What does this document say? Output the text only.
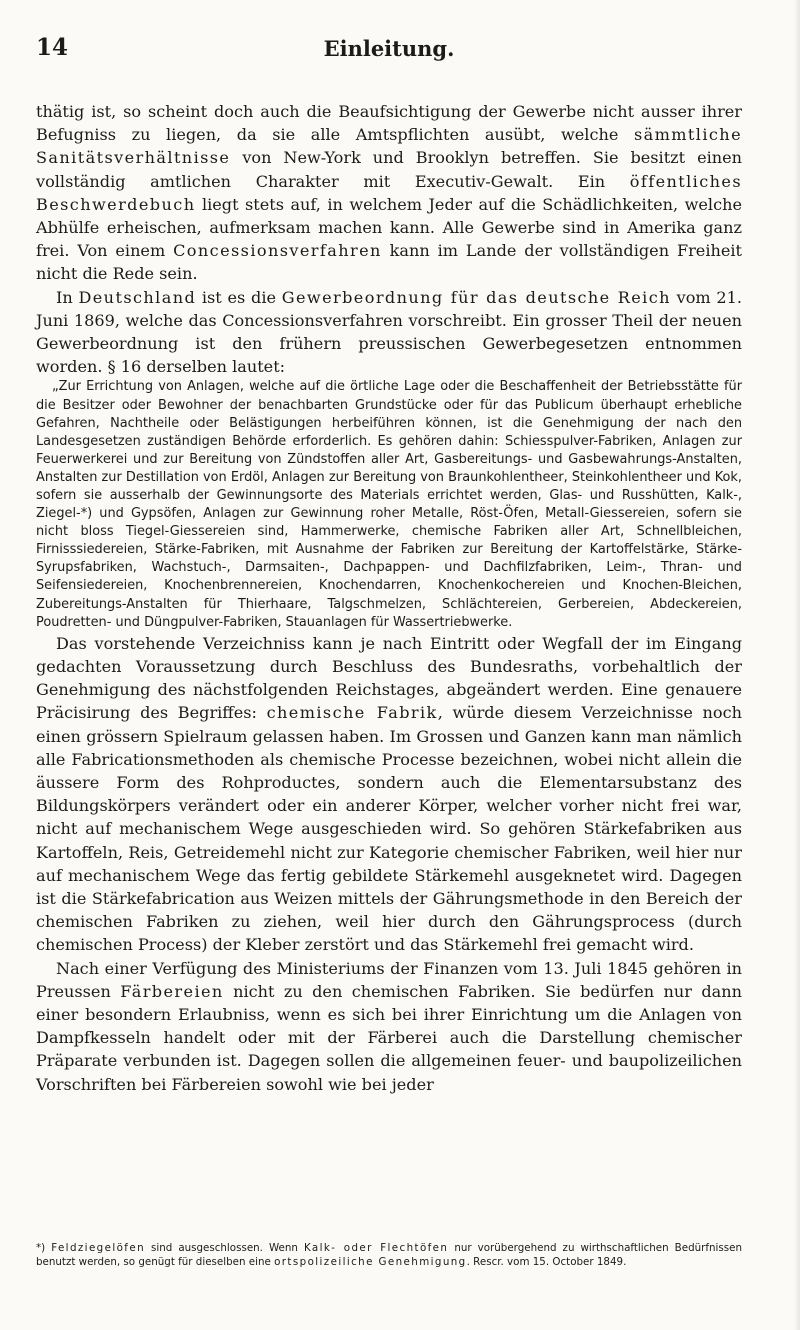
14	Einleitung.

thätig ist, so scheint doch auch die Beaufsichtigung der Gewerbe nicht ausser ihrer Befugniss zu liegen, da sie alle Amtspflichten ausübt, welche sämmtliche Sanitätsverhältnisse von New-York und Brooklyn betreffen. Sie besitzt einen vollständig amtlichen Charakter mit Executiv-Gewalt. Ein öffentliches Beschwerdebuch liegt stets auf, in welchem Jeder auf die Schädlichkeiten, welche Abhülfe erheischen, aufmerksam machen kann. Alle Gewerbe sind in Amerika ganz frei. Von einem Concessionsverfahren kann im Lande der vollständigen Freiheit nicht die Rede sein.

In Deutschland ist es die Gewerbeordnung für das deutsche Reich vom 21. Juni 1869, welche das Concessionsverfahren vorschreibt. Ein grosser Theil der neuen Gewerbeordnung ist den frühern preussischen Gewerbegesetzen entnommen worden. § 16 derselben lautet:

„Zur Errichtung von Anlagen, welche auf die örtliche Lage oder die Beschaffenheit der Betriebsstätte für die Besitzer oder Bewohner der benachbarten Grundstücke oder für das Publicum überhaupt erhebliche Gefahren, Nachtheile oder Belästigungen herbeiführen können, ist die Genehmigung der nach den Landesgesetzen zuständigen Behörde erforderlich. Es gehören dahin: Schiesspulver-Fabriken, Anlagen zur Feuerwerkerei und zur Bereitung von Zündstoffen aller Art, Gasbereitungs- und Gasbewahrungs-Anstalten, Anstalten zur Destillation von Erdöl, Anlagen zur Bereitung von Braunkohlentheer, Steinkohlentheer und Kok, sofern sie ausserhalb der Gewinnungsorte des Materials errichtet werden, Glas- und Russhütten, Kalk-, Ziegel-*) und Gypsöfen, Anlagen zur Gewinnung roher Metalle, Röst-Öfen, Metall-Giessereien, sofern sie nicht bloss Tiegel-Giessereien sind, Hammerwerke, chemische Fabriken aller Art, Schnellbleichen, Firnisssiedereien, Stärke-Fabriken, mit Ausnahme der Fabriken zur Bereitung der Kartoffelstärke, Stärke-Syrupsfabriken, Wachstuch-, Darmsaiten-, Dachpappen- und Dachfilzfabriken, Leim-, Thran- und Seifensiedereien, Knochenbrennereien, Knochendarren, Knochenkochereien und Knochen-Bleichen, Zubereitungs-Anstalten für Thierhaare, Talgschmelzen, Schlächtereien, Gerbereien, Abdeckereien, Poudretten- und Düngpulver-Fabriken, Stauanlagen für Wassertriebwerke.

Das vorstehende Verzeichniss kann je nach Eintritt oder Wegfall der im Eingang gedachten Voraussetzung durch Beschluss des Bundesraths, vorbehaltlich der Genehmigung des nächstfolgenden Reichstages, abgeändert werden. Eine genauere Präcisirung des Begriffes: chemische Fabrik, würde diesem Verzeichnisse noch einen grössern Spielraum gelassen haben. Im Grossen und Ganzen kann man nämlich alle Fabricationsmethoden als chemische Processe bezeichnen, wobei nicht allein die äussere Form des Rohproductes, sondern auch die Elementarsubstanz des Bildungskörpers verändert oder ein anderer Körper, welcher vorher nicht frei war, nicht auf mechanischem Wege ausgeschieden wird. So gehören Stärkefabriken aus Kartoffeln, Reis, Getreidemehl nicht zur Kategorie chemischer Fabriken, weil hier nur auf mechanischem Wege das fertig gebildete Stärkemehl ausgeknetet wird. Dagegen ist die Stärkefabrication aus Weizen mittels der Gährungsmethode in den Bereich der chemischen Fabriken zu ziehen, weil hier durch den Gährungsprocess (durch chemischen Process) der Kleber zerstört und das Stärkemehl frei gemacht wird.

Nach einer Verfügung des Ministeriums der Finanzen vom 13. Juli 1845 gehören in Preussen Färbereien nicht zu den chemischen Fabriken. Sie bedürfen nur dann einer besondern Erlaubniss, wenn es sich bei ihrer Einrichtung um die Anlagen von Dampfkesseln handelt oder mit der Färberei auch die Darstellung chemischer Präparate verbunden ist. Dagegen sollen die allgemeinen feuer- und baupolizeilichen Vorschriften bei Färbereien sowohl wie bei jeder

*) Feldziegelöfen sind ausgeschlossen. Wenn Kalk- oder Flechtöfen nur vorübergehend zu wirthschaftlichen Bedürfnissen benutzt werden, so genügt für dieselben eine ortspolizeiliche Genehmigung. Rescr. vom 15. October 1849.
